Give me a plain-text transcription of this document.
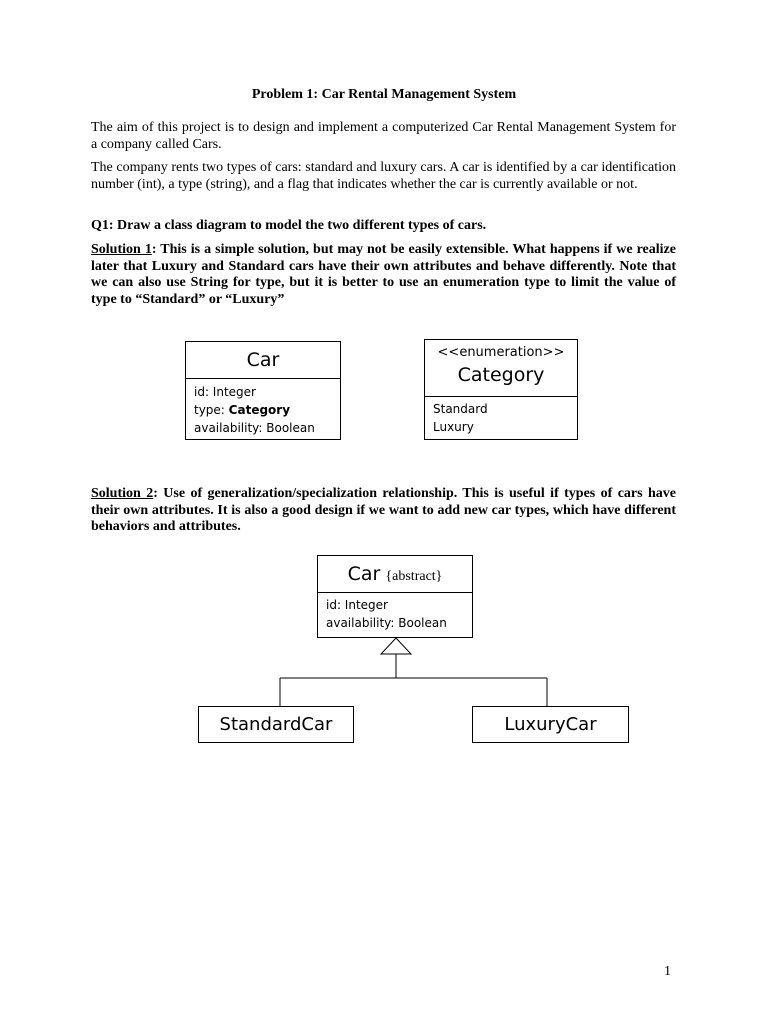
Problem 1: Car Rental Management System

The aim of this project is to design and implement a computerized Car Rental Management System for a company called Cars.

The company rents two types of cars: standard and luxury cars. A car is identified by a car identification number (int), a type (string), and a flag that indicates whether the car is currently available or not.

Q1: Draw a class diagram to model the two different types of cars.

Solution 1: This is a simple solution, but may not be easily extensible. What happens if we realize later that Luxury and Standard cars have their own attributes and behave differently. Note that we can also use String for type, but it is better to use an enumeration type to limit the value of type to “Standard” or “Luxury”

Car
id: Integer
type: Category
availability: Boolean
<<enumeration>>
Category
Standard
Luxury

Solution 2: Use of generalization/specialization relationship. This is useful if types of cars have their own attributes. It is also a good design if we want to add new car types, which have different behaviors and attributes.

Car {abstract}
id: Integer
availability: Boolean
StandardCar	LuxuryCar
1
